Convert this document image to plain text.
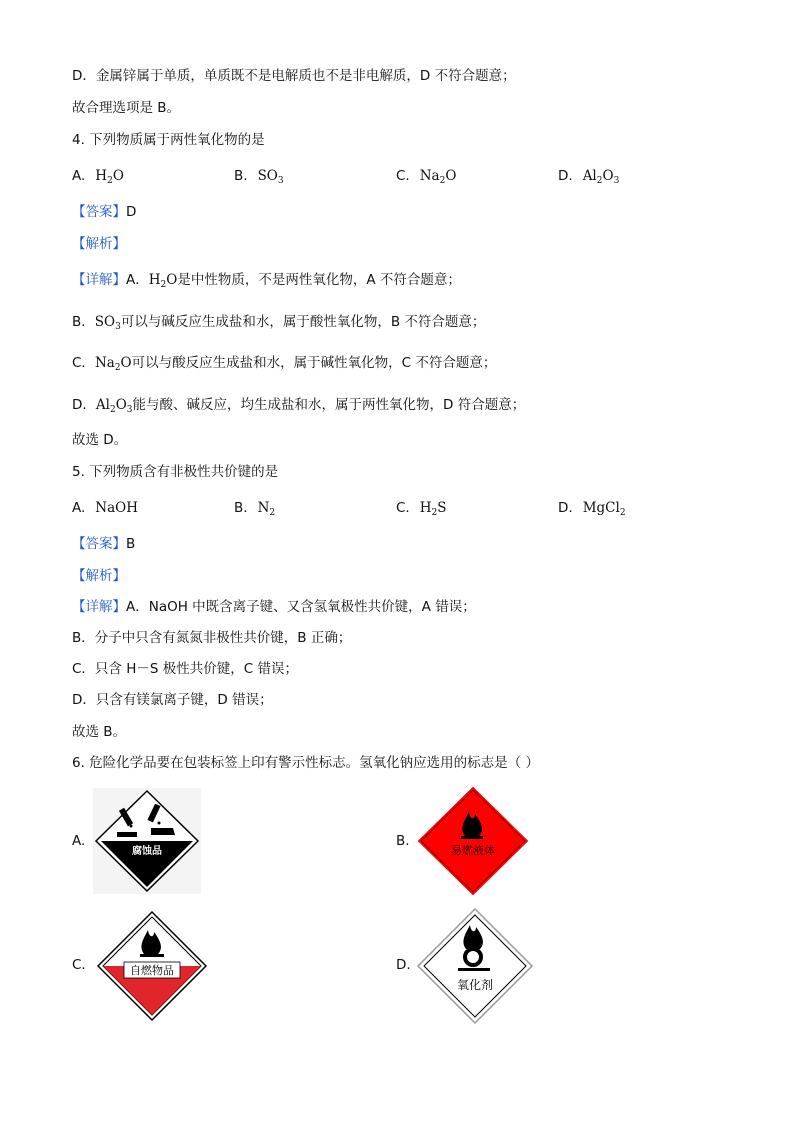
D．金属锌属于单质，单质既不是电解质也不是非电解质，D 不符合题意；
故合理选项是 B。
4. 下列物质属于两性氧化物的是
A. $H_2O$	B. $SO_3$	C. $Na_2O$	D. $Al_2O_3$
【答案】D
【解析】
【详解】A．$H_2O$是中性物质，不是两性氧化物，A 不符合题意；
B．$SO_3$可以与碱反应生成盐和水，属于酸性氧化物，B 不符合题意；
C．$Na_2O$可以与酸反应生成盐和水，属于碱性氧化物，C 不符合题意；
D．$Al_2O_3$能与酸、碱反应，均生成盐和水，属于两性氧化物，D 符合题意；
故选 D。
5. 下列物质含有非极性共价键的是
A. NaOH	B. $N_2$	C. $H_2S$	D. MgCl$_2$
【答案】B
【解析】
【详解】A．NaOH 中既含离子键、又含氢氧极性共价键，A 错误；
B．分子中只含有氮氮非极性共价键，B 正确；
C．只含 H－S 极性共价键，C 错误；
D．只含有镁氯离子键，D 错误；
故选 B。
6. 危险化学品要在包装标签上印有警示性标志。氢氧化钠应选用的标志是（ ）
A.
腐蚀品
B.
易燃液体
C.	自燃物品	D.
氧化剂
